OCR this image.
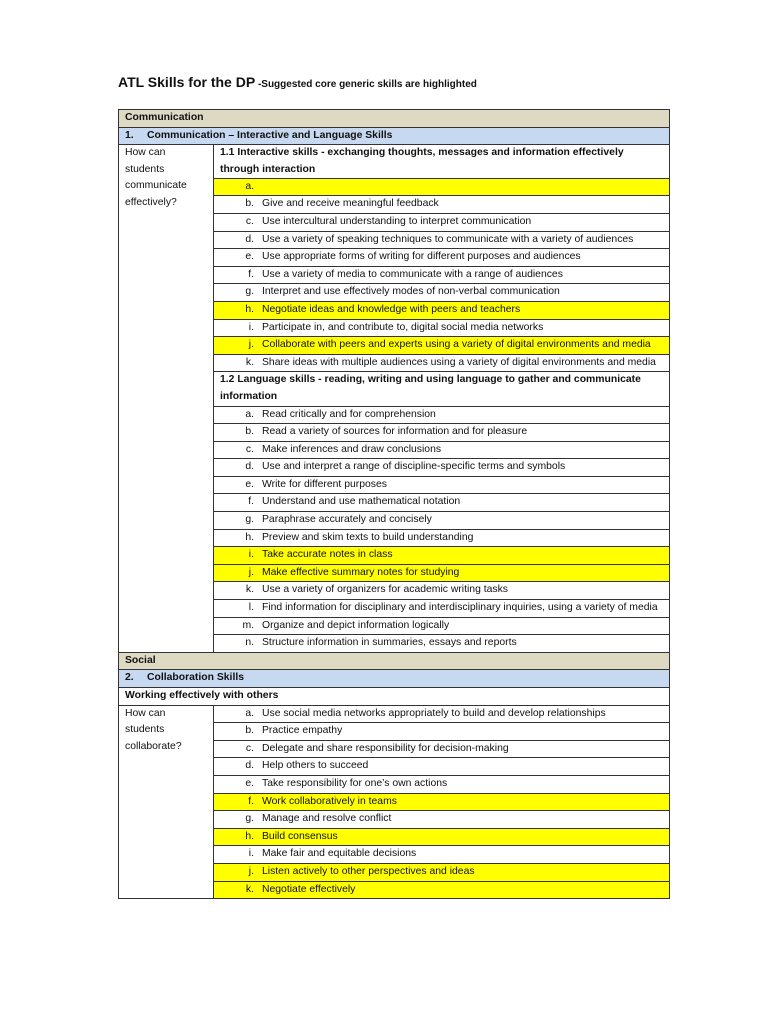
ATL Skills for the DP -Suggested core generic skills are highlighted
Communication	
1. Communication – Interactive and Language Skills	
How can students communicate effectively?	1.1 Interactive skills - exchanging thoughts, messages and information effectively through interaction

	a.

	b. Give and receive meaningful feedback

	c. Use intercultural understanding to interpret communication

	d. Use a variety of speaking techniques to communicate with a variety of audiences

	e. Use appropriate forms of writing for different purposes and audiences

	f. Use a variety of media to communicate with a range of audiences

	g. Interpret and use effectively modes of non-verbal communication

	h. Negotiate ideas and knowledge with peers and teachers

	i. Participate in, and contribute to, digital social media networks

	j. Collaborate with peers and experts using a variety of digital environments and media

	k. Share ideas with multiple audiences using a variety of digital environments and media
	1.2 Language skills - reading, writing and using language to gather and communicate information

	a. Read critically and for comprehension

	b. Read a variety of sources for information and for pleasure

	c. Make inferences and draw conclusions

	d. Use and interpret a range of discipline-specific terms and symbols

	e. Write for different purposes

	f. Understand and use mathematical notation

	g. Paraphrase accurately and concisely

	h. Preview and skim texts to build understanding

	i. Take accurate notes in class

	j. Make effective summary notes for studying

	k. Use a variety of organizers for academic writing tasks

	l. Find information for disciplinary and interdisciplinary inquiries, using a variety of media

	m. Organize and depict information logically

	n. Structure information in summaries, essays and reports
Social	
2. Collaboration Skills	
Working effectively with others	
How can students collaborate?	a. Use social media networks appropriately to build and develop relationships

	b. Practice empathy

	c. Delegate and share responsibility for decision-making

	d. Help others to succeed

	e. Take responsibility for one’s own actions

	f. Work collaboratively in teams

	g. Manage and resolve conflict

	h. Build consensus

	i. Make fair and equitable decisions

	j. Listen actively to other perspectives and ideas

	k. Negotiate effectively
